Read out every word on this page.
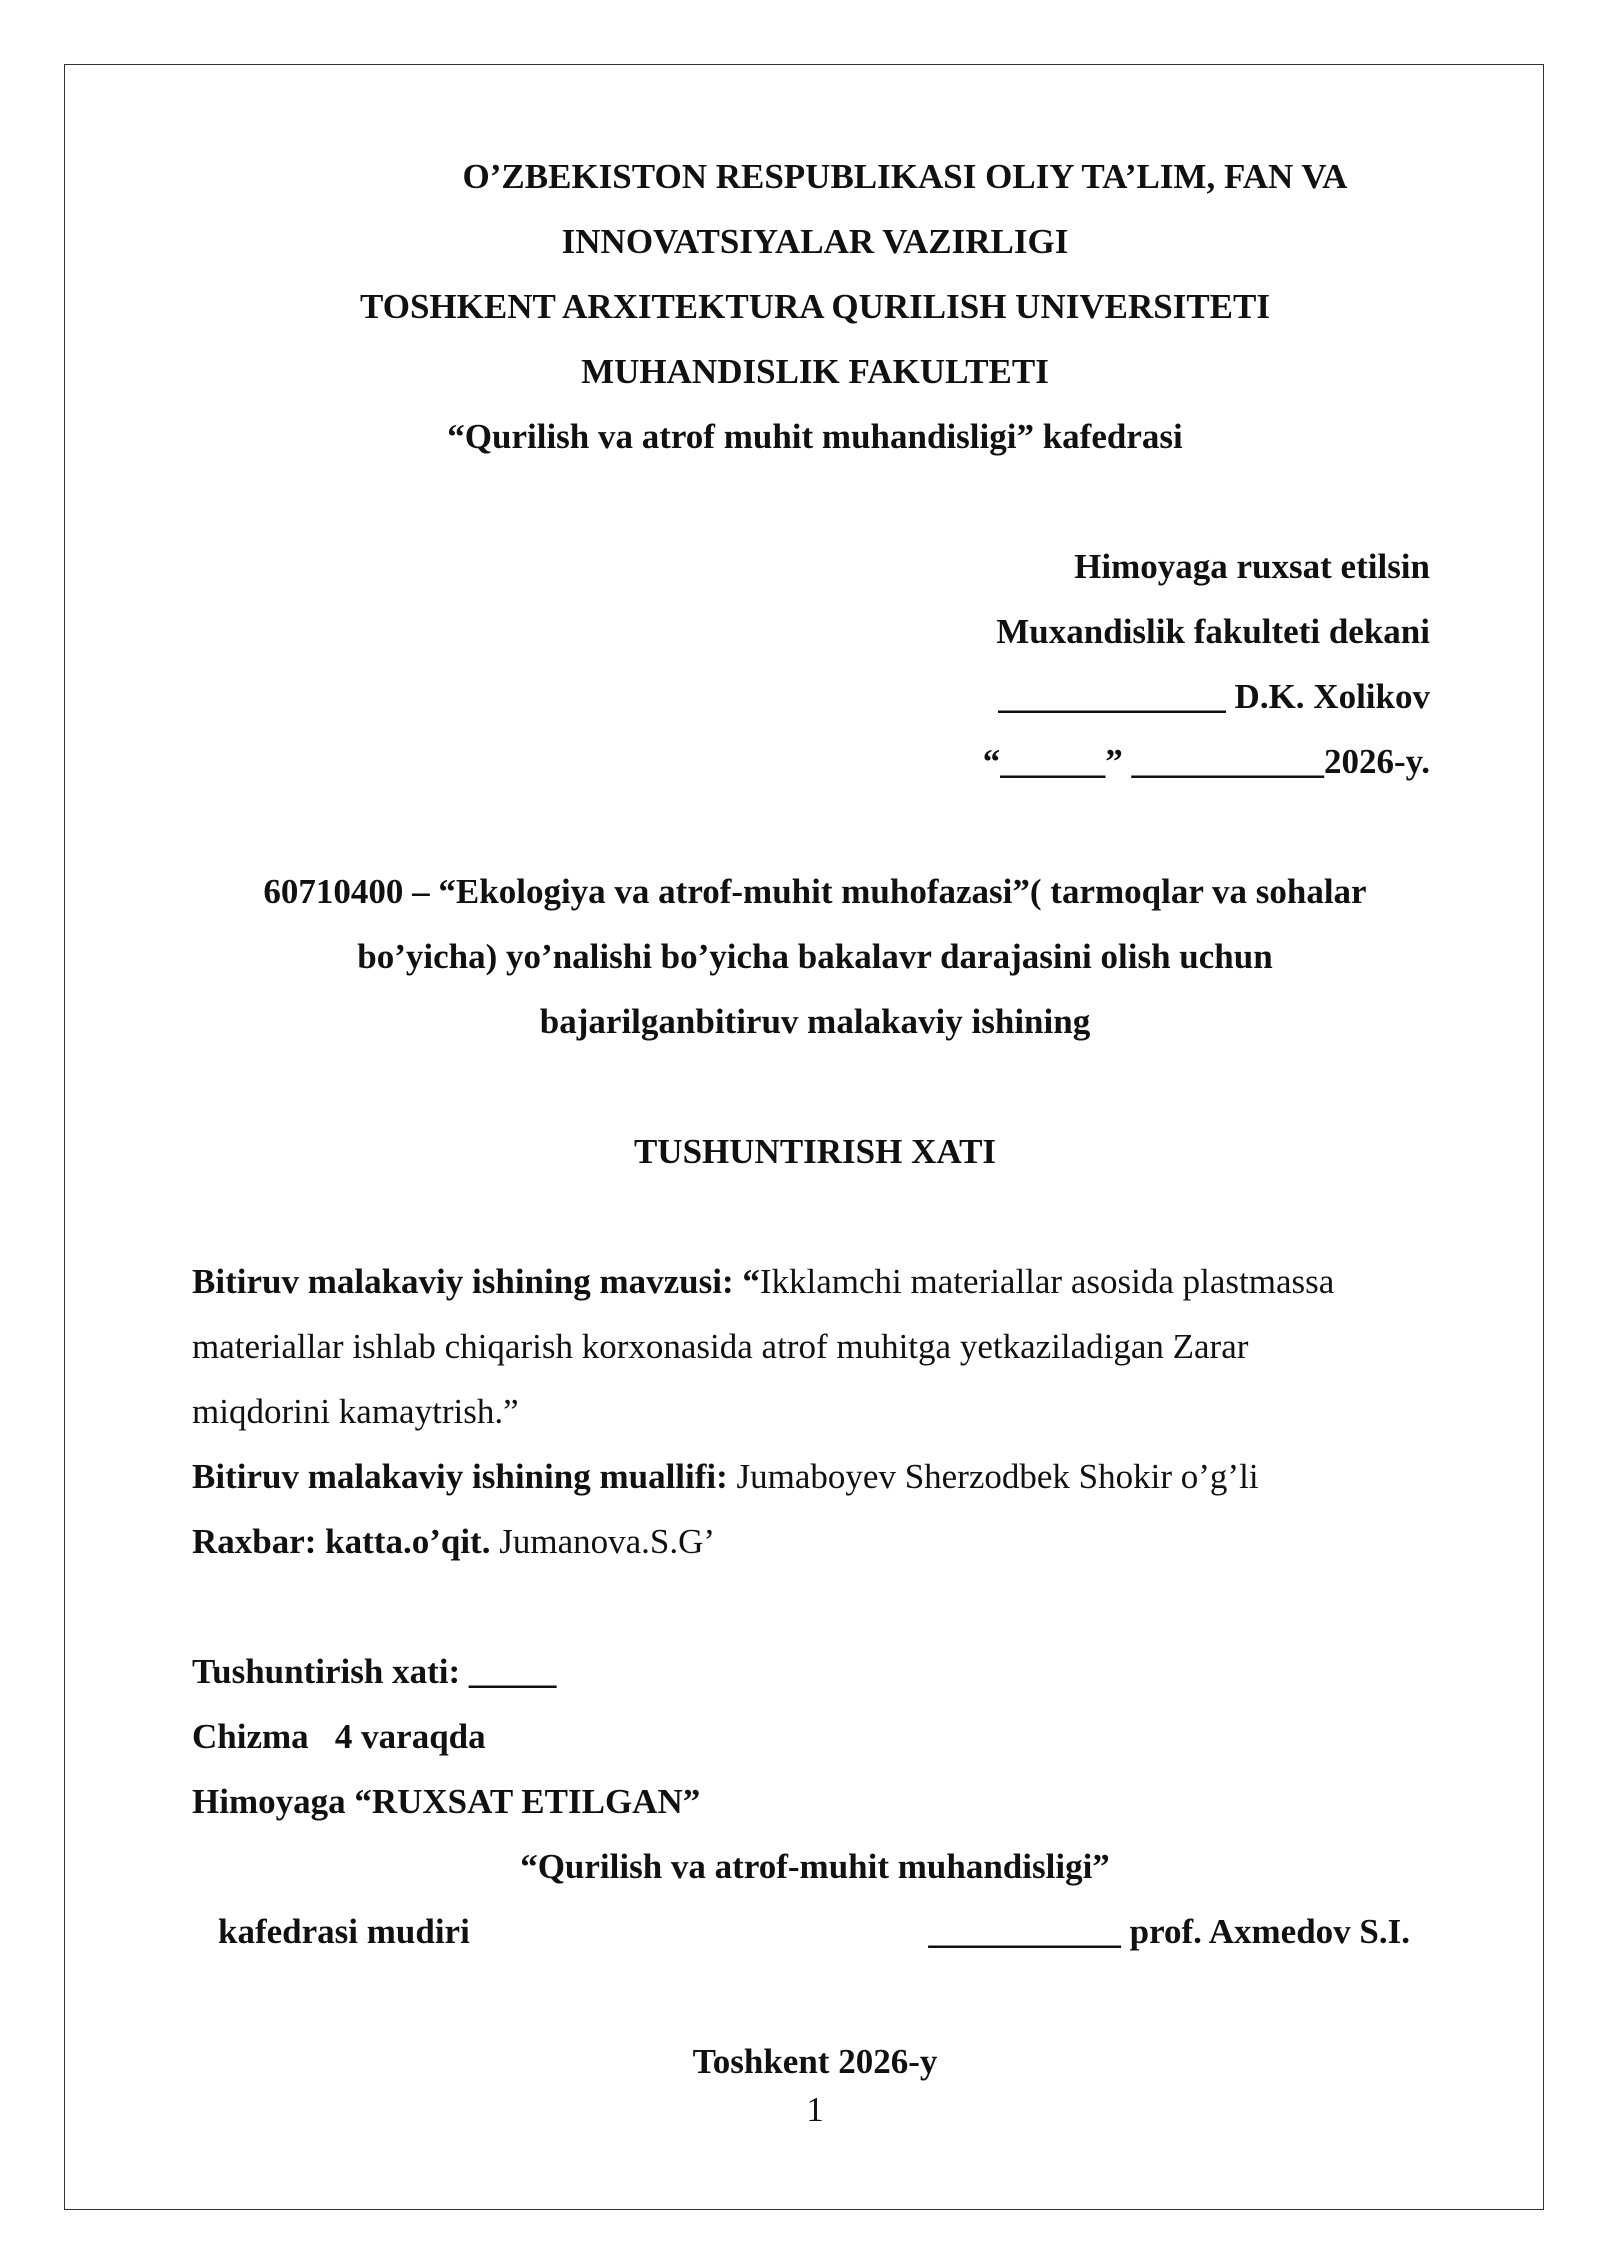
O’ZBEKISTON RESPUBLIKASI OLIY TA’LIM, FAN VA
INNOVATSIYALAR VAZIRLIGI
TOSHKENT ARXITEKTURA QURILISH UNIVERSITETI
MUHANDISLIK FAKULTETI
“Qurilish va atrof muhit muhandisligi” kafedrasi
Himoyaga ruxsat etilsin
Muxandislik fakulteti dekani
_____________ D.K. Xolikov
“______” ___________2026-y.
60710400 – “Ekologiya va atrof-muhit muhofazasi”( tarmoqlar va sohalar
bo’yicha) yo’nalishi bo’yicha bakalavr darajasini olish uchun
bajarilganbitiruv malakaviy ishining
TUSHUNTIRISH XATI
Bitiruv malakaviy ishining mavzusi: “Ikklamchi materiallar asosida plastmassa
materiallar ishlab chiqarish korxonasida atrof muhitga yetkaziladigan Zarar
miqdorini kamaytrish.”
Bitiruv malakaviy ishining muallifi: Jumaboyev Sherzodbek Shokir o’g’li
Raxbar: katta.o’qit. Jumanova.S.G’
Tushuntirish xati: _____
Chizma   4 varaqda
Himoyaga “RUXSAT ETILGAN”
“Qurilish va atrof-muhit muhandisligi”
kafedrasi mudiri	___________ prof. Axmedov S.I.
Toshkent 2026-y
1
